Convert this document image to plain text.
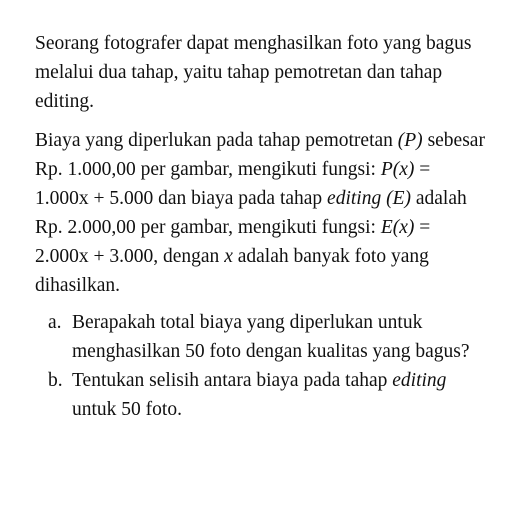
Seorang fotografer dapat menghasilkan foto yang bagus melalui dua tahap, yaitu tahap pemotretan dan tahap editing.

Biaya yang diperlukan pada tahap pemotretan (P) sebesar Rp. 1.000,00 per gambar, mengikuti fungsi: P(x) = 1.000x + 5.000 dan biaya pada tahap editing (E) adalah Rp. 2.000,00 per gambar, mengikuti fungsi: E(x) = 2.000x + 3.000, dengan x adalah banyak foto yang dihasilkan.

a. Berapakah total biaya yang diperlukan untuk menghasilkan 50 foto dengan kualitas yang bagus?
b. Tentukan selisih antara biaya pada tahap editing untuk 50 foto.
